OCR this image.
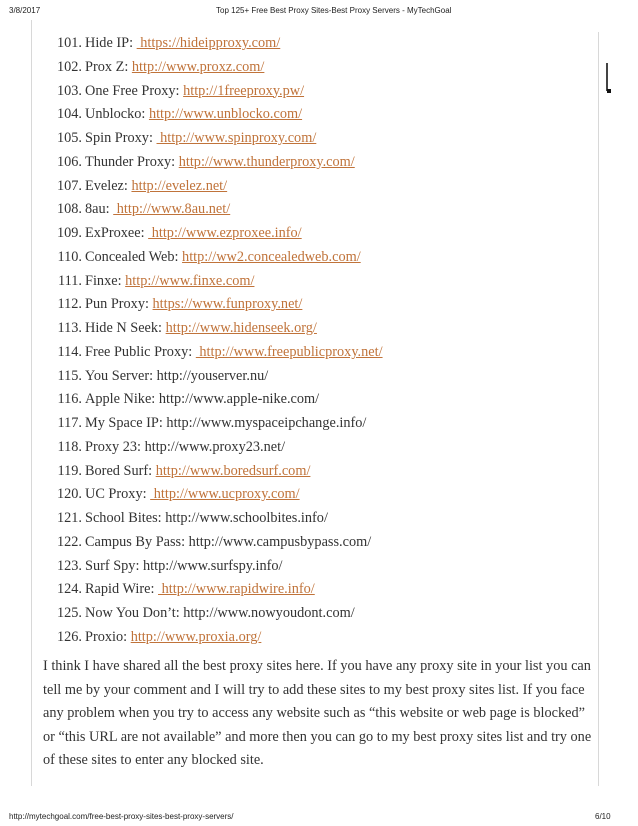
3/8/2017	Top 125+ Free Best Proxy Sites-Best Proxy Servers - MyTechGoal
101. Hide IP:  https://hideipproxy.com/
102. Prox Z: http://www.proxz.com/
103. One Free Proxy: http://1freeproxy.pw/
104. Unblocko: http://www.unblocko.com/
105. Spin Proxy:  http://www.spinproxy.com/
106. Thunder Proxy: http://www.thunderproxy.com/
107. Evelez: http://evelez.net/
108. 8au:  http://www.8au.net/
109. ExProxee:  http://www.ezproxee.info/
110. Concealed Web: http://ww2.concealedweb.com/
111. Finxe: http://www.finxe.com/
112. Pun Proxy: https://www.funproxy.net/
113. Hide N Seek: http://www.hidenseek.org/
114. Free Public Proxy:  http://www.freepublicproxy.net/
115. You Server: http://youserver.nu/
116. Apple Nike: http://www.apple-nike.com/
117. My Space IP: http://www.myspaceipchange.info/
118. Proxy 23: http://www.proxy23.net/
119. Bored Surf: http://www.boredsurf.com/
120. UC Proxy:  http://www.ucproxy.com/
121. School Bites: http://www.schoolbites.info/
122. Campus By Pass: http://www.campusbypass.com/
123. Surf Spy: http://www.surfspy.info/
124. Rapid Wire:  http://www.rapidwire.info/
125. Now You Don’t: http://www.nowyoudont.com/
126. Proxio: http://www.proxia.org/

I think I have shared all the best proxy sites here. If you have any proxy site in your list you can tell me by your comment and I will try to add these sites to my best proxy sites list. If you face any problem when you try to access any website such as “this website or web page is blocked” or “this URL are not available” and more then you can go to my best proxy sites list and try one of these sites to enter any blocked site.

http://mytechgoal.com/free-best-proxy-sites-best-proxy-servers/	6/10
